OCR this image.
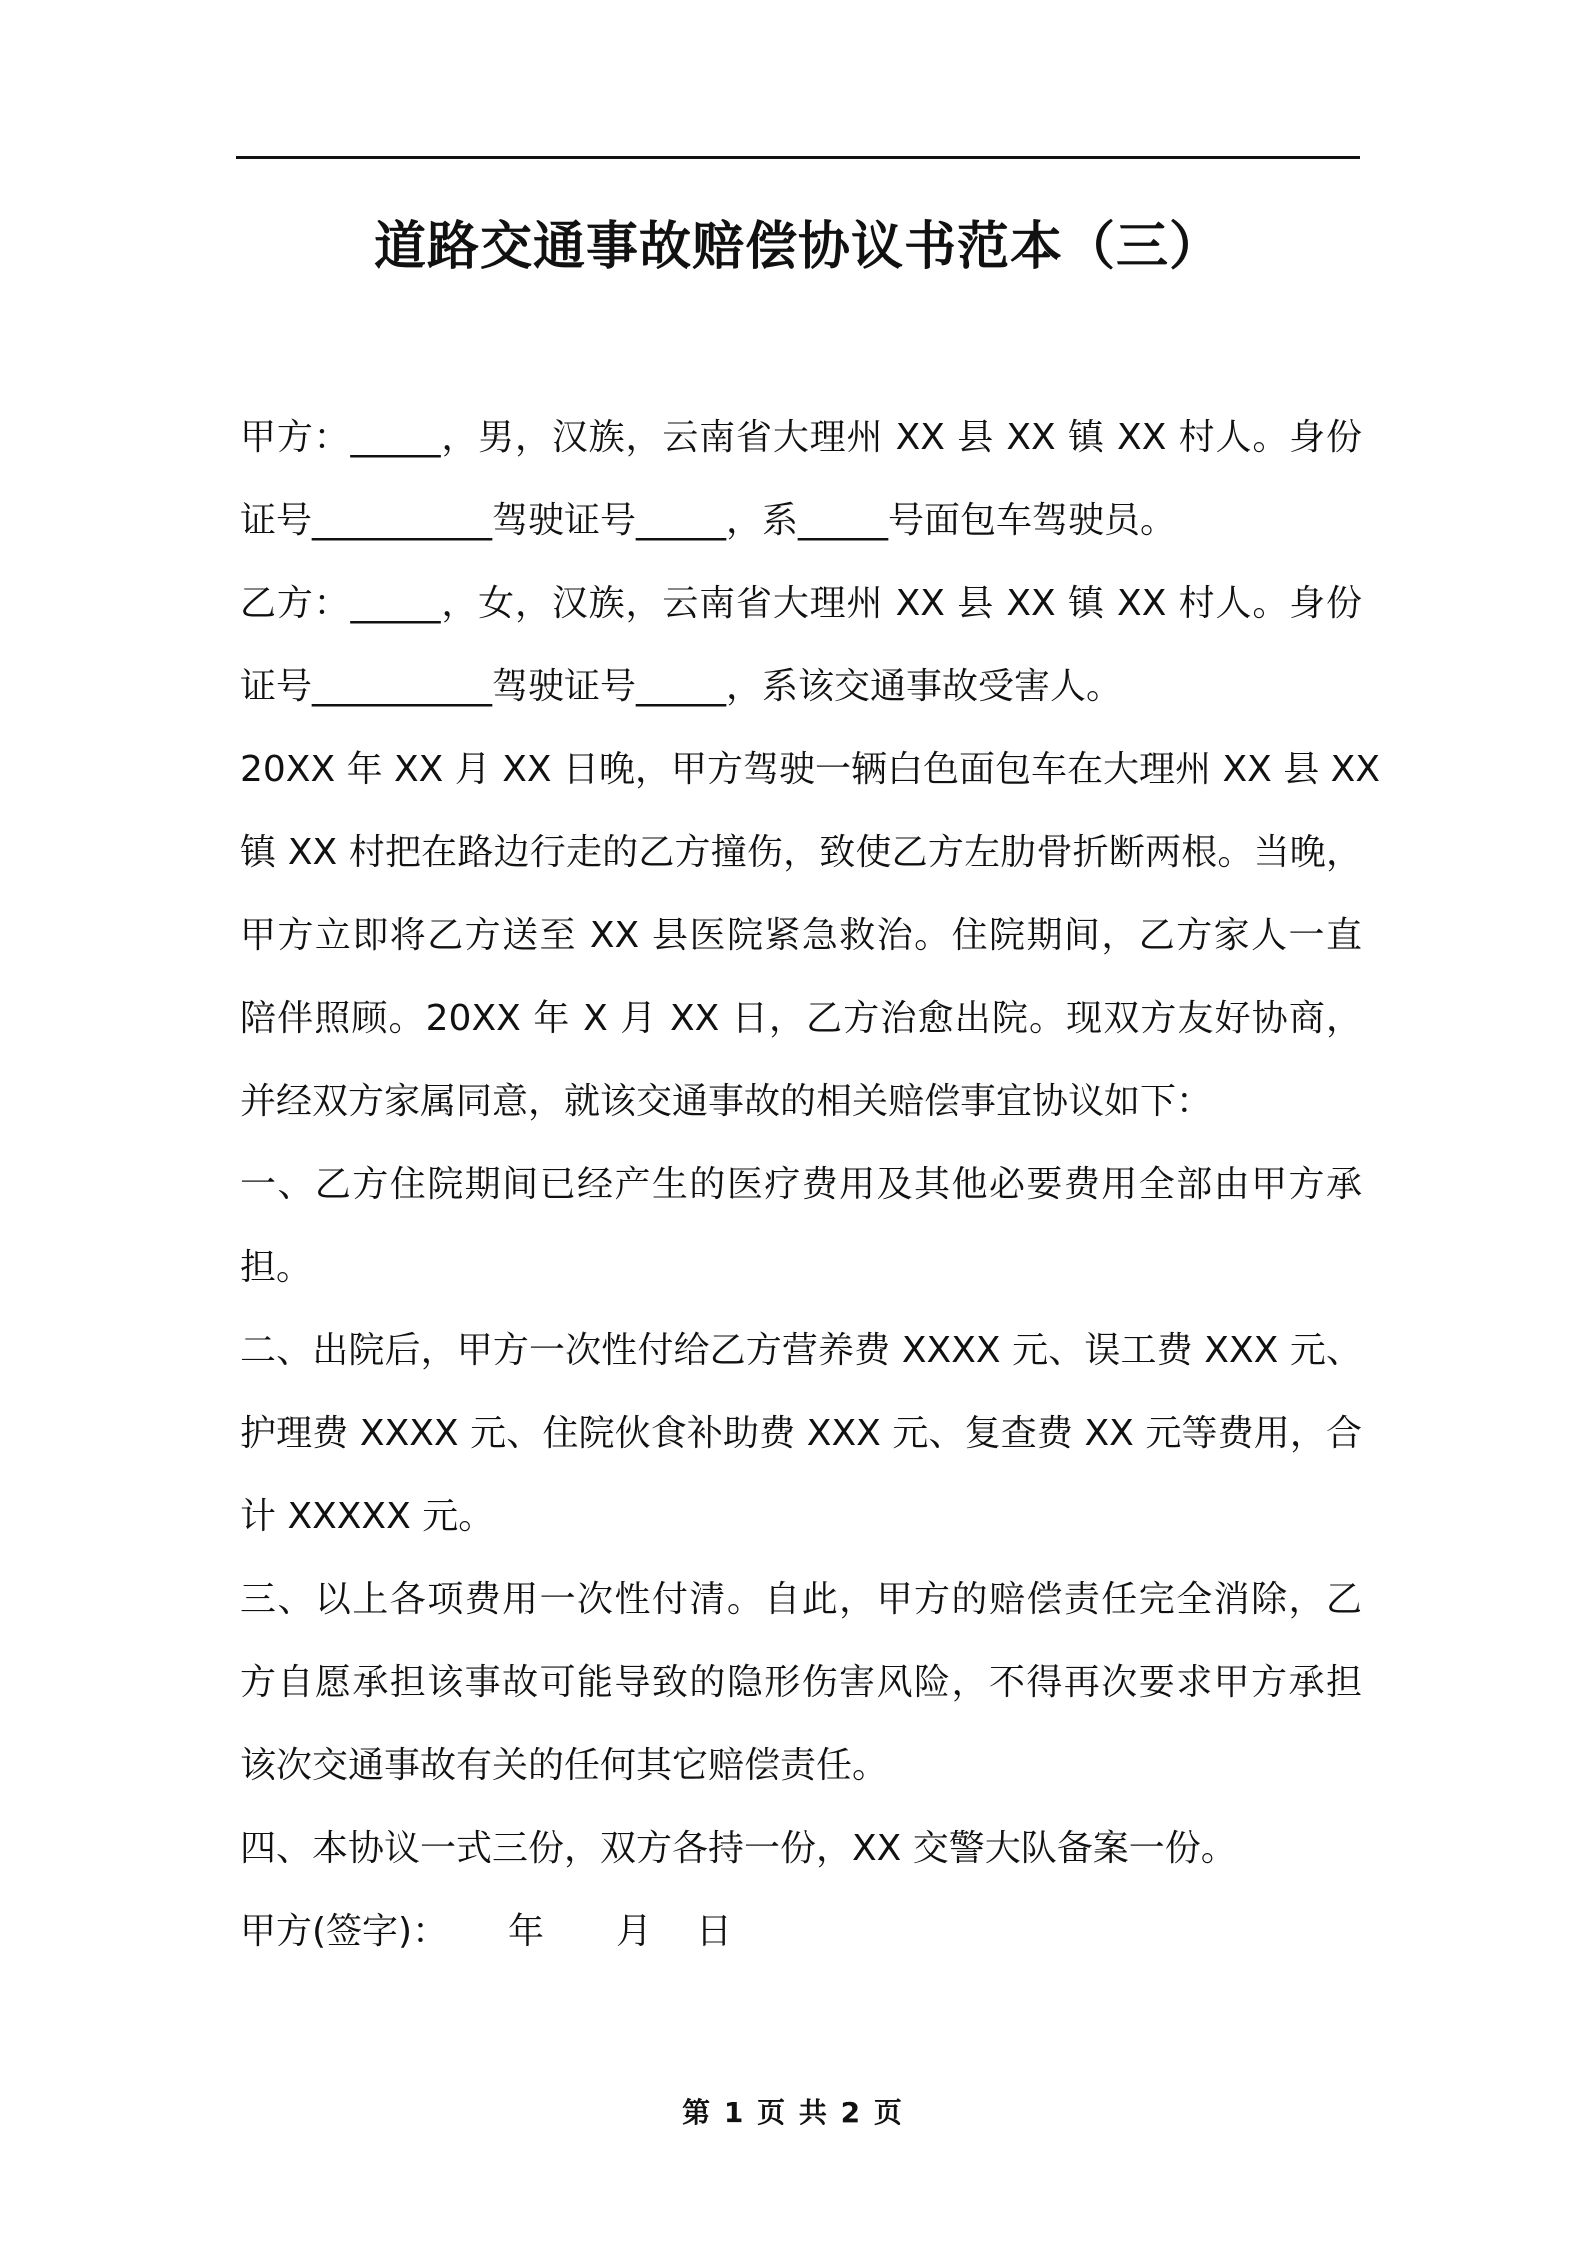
道路交通事故赔偿协议书范本（三）
甲方：_____，男，汉族，云南省大理州 XX 县 XX 镇 XX 村人。身份
证号__________驾驶证号_____，系_____号面包车驾驶员。
乙方：_____，女，汉族，云南省大理州 XX 县 XX 镇 XX 村人。身份
证号__________驾驶证号_____，系该交通事故受害人。
20XX 年 XX 月 XX 日晚，甲方驾驶一辆白色面包车在大理州 XX 县 XX
镇 XX 村把在路边行走的乙方撞伤，致使乙方左肋骨折断两根。当晚，
甲方立即将乙方送至 XX 县医院紧急救治。住院期间，乙方家人一直
陪伴照顾。20XX 年 X 月 XX 日，乙方治愈出院。现双方友好协商，
并经双方家属同意，就该交通事故的相关赔偿事宜协议如下：
一、乙方住院期间已经产生的医疗费用及其他必要费用全部由甲方承
担。
二、出院后，甲方一次性付给乙方营养费 XXXX 元、误工费 XXX 元、
护理费 XXXX 元、住院伙食补助费 XXX 元、复查费 XX 元等费用，合
计 XXXXX 元。
三、以上各项费用一次性付清。自此，甲方的赔偿责任完全消除，乙
方自愿承担该事故可能导致的隐形伤害风险，不得再次要求甲方承担
该次交通事故有关的任何其它赔偿责任。
四、本协议一式三份，双方各持一份，XX 交警大队备案一份。
甲方(签字)：	年	月	日
第 1 页 共 2 页
